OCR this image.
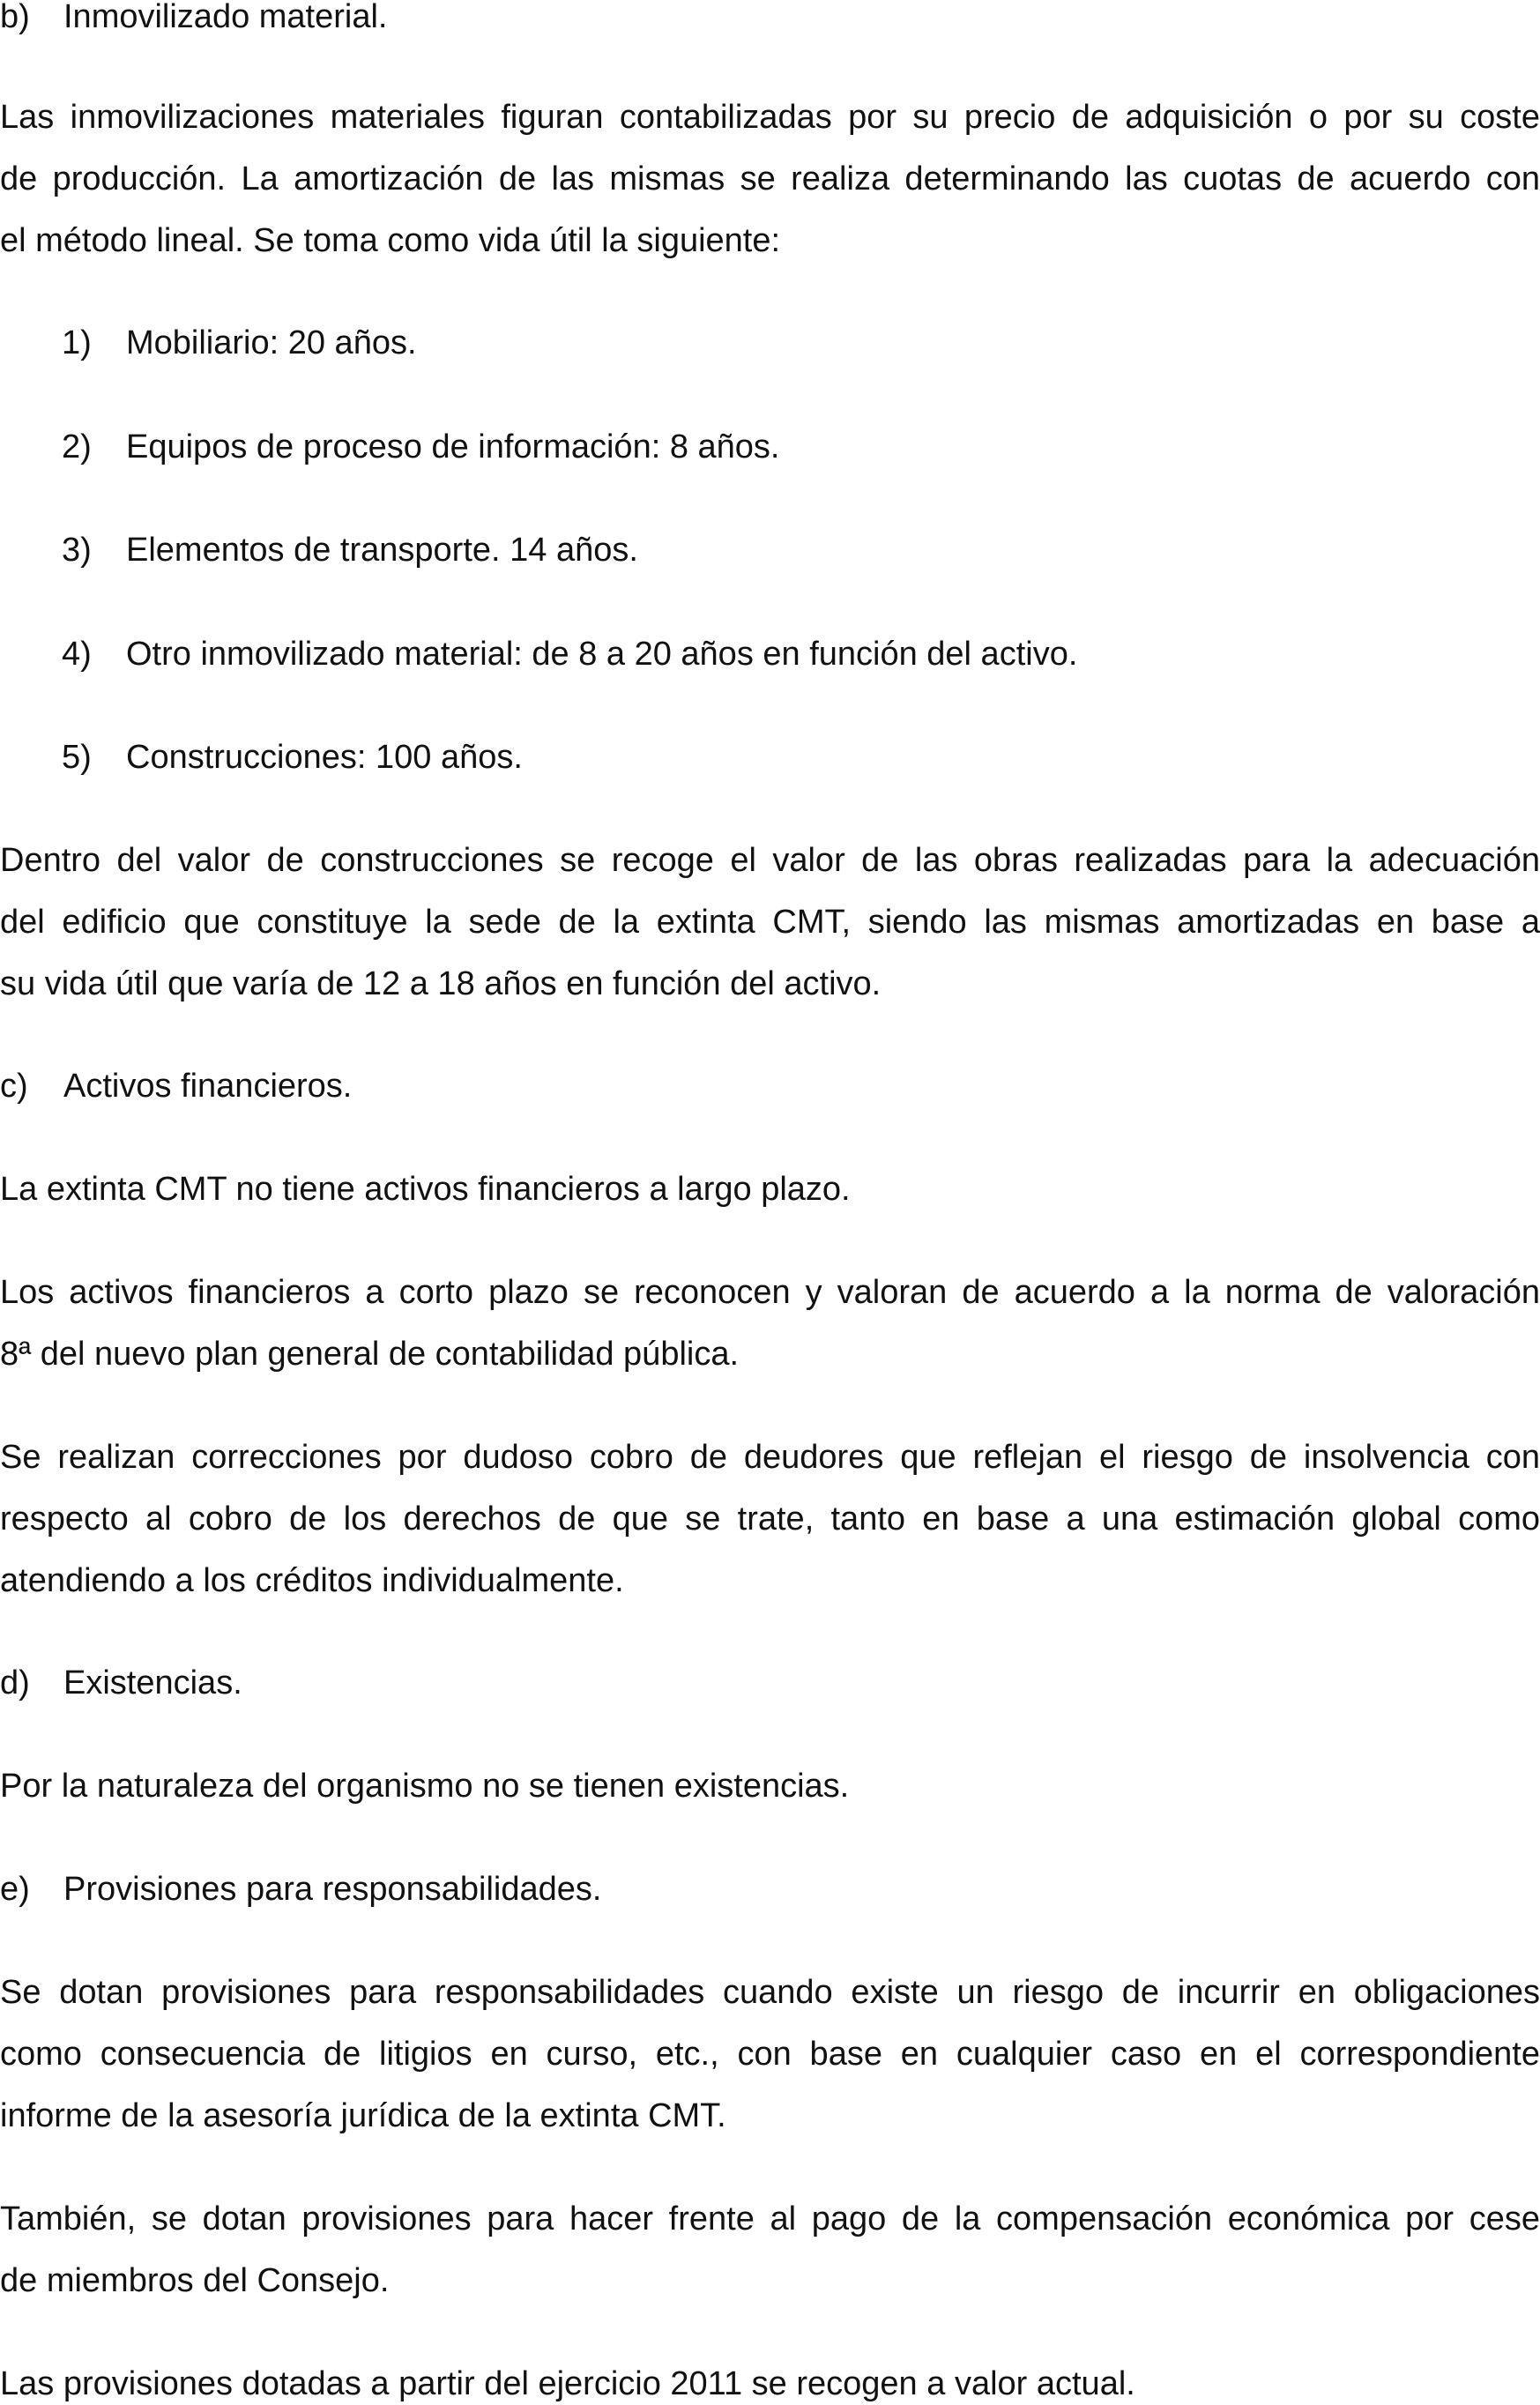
b) Inmovilizado material.

Las inmovilizaciones materiales figuran contabilizadas por su precio de adquisición o por su coste

de producción. La amortización de las mismas se realiza determinando las cuotas de acuerdo con

el método lineal. Se toma como vida útil la siguiente:

1) Mobiliario: 20 años.

2) Equipos de proceso de información: 8 años.

3) Elementos de transporte. 14 años.

4) Otro inmovilizado material: de 8 a 20 años en función del activo.

5) Construcciones: 100 años.

Dentro del valor de construcciones se recoge el valor de las obras realizadas para la adecuación

del edificio que constituye la sede de la extinta CMT, siendo las mismas amortizadas en base a

su vida útil que varía de 12 a 18 años en función del activo.

c) Activos financieros.

La extinta CMT no tiene activos financieros a largo plazo.

Los activos financieros a corto plazo se reconocen y valoran de acuerdo a la norma de valoración

8ª del nuevo plan general de contabilidad pública.

Se realizan correcciones por dudoso cobro de deudores que reflejan el riesgo de insolvencia con

respecto al cobro de los derechos de que se trate, tanto en base a una estimación global como

atendiendo a los créditos individualmente.

d) Existencias.

Por la naturaleza del organismo no se tienen existencias.

e) Provisiones para responsabilidades.

Se dotan provisiones para responsabilidades cuando existe un riesgo de incurrir en obligaciones

como consecuencia de litigios en curso, etc., con base en cualquier caso en el correspondiente

informe de la asesoría jurídica de la extinta CMT.

También, se dotan provisiones para hacer frente al pago de la compensación económica por cese

de miembros del Consejo.

Las provisiones dotadas a partir del ejercicio 2011 se recogen a valor actual.
